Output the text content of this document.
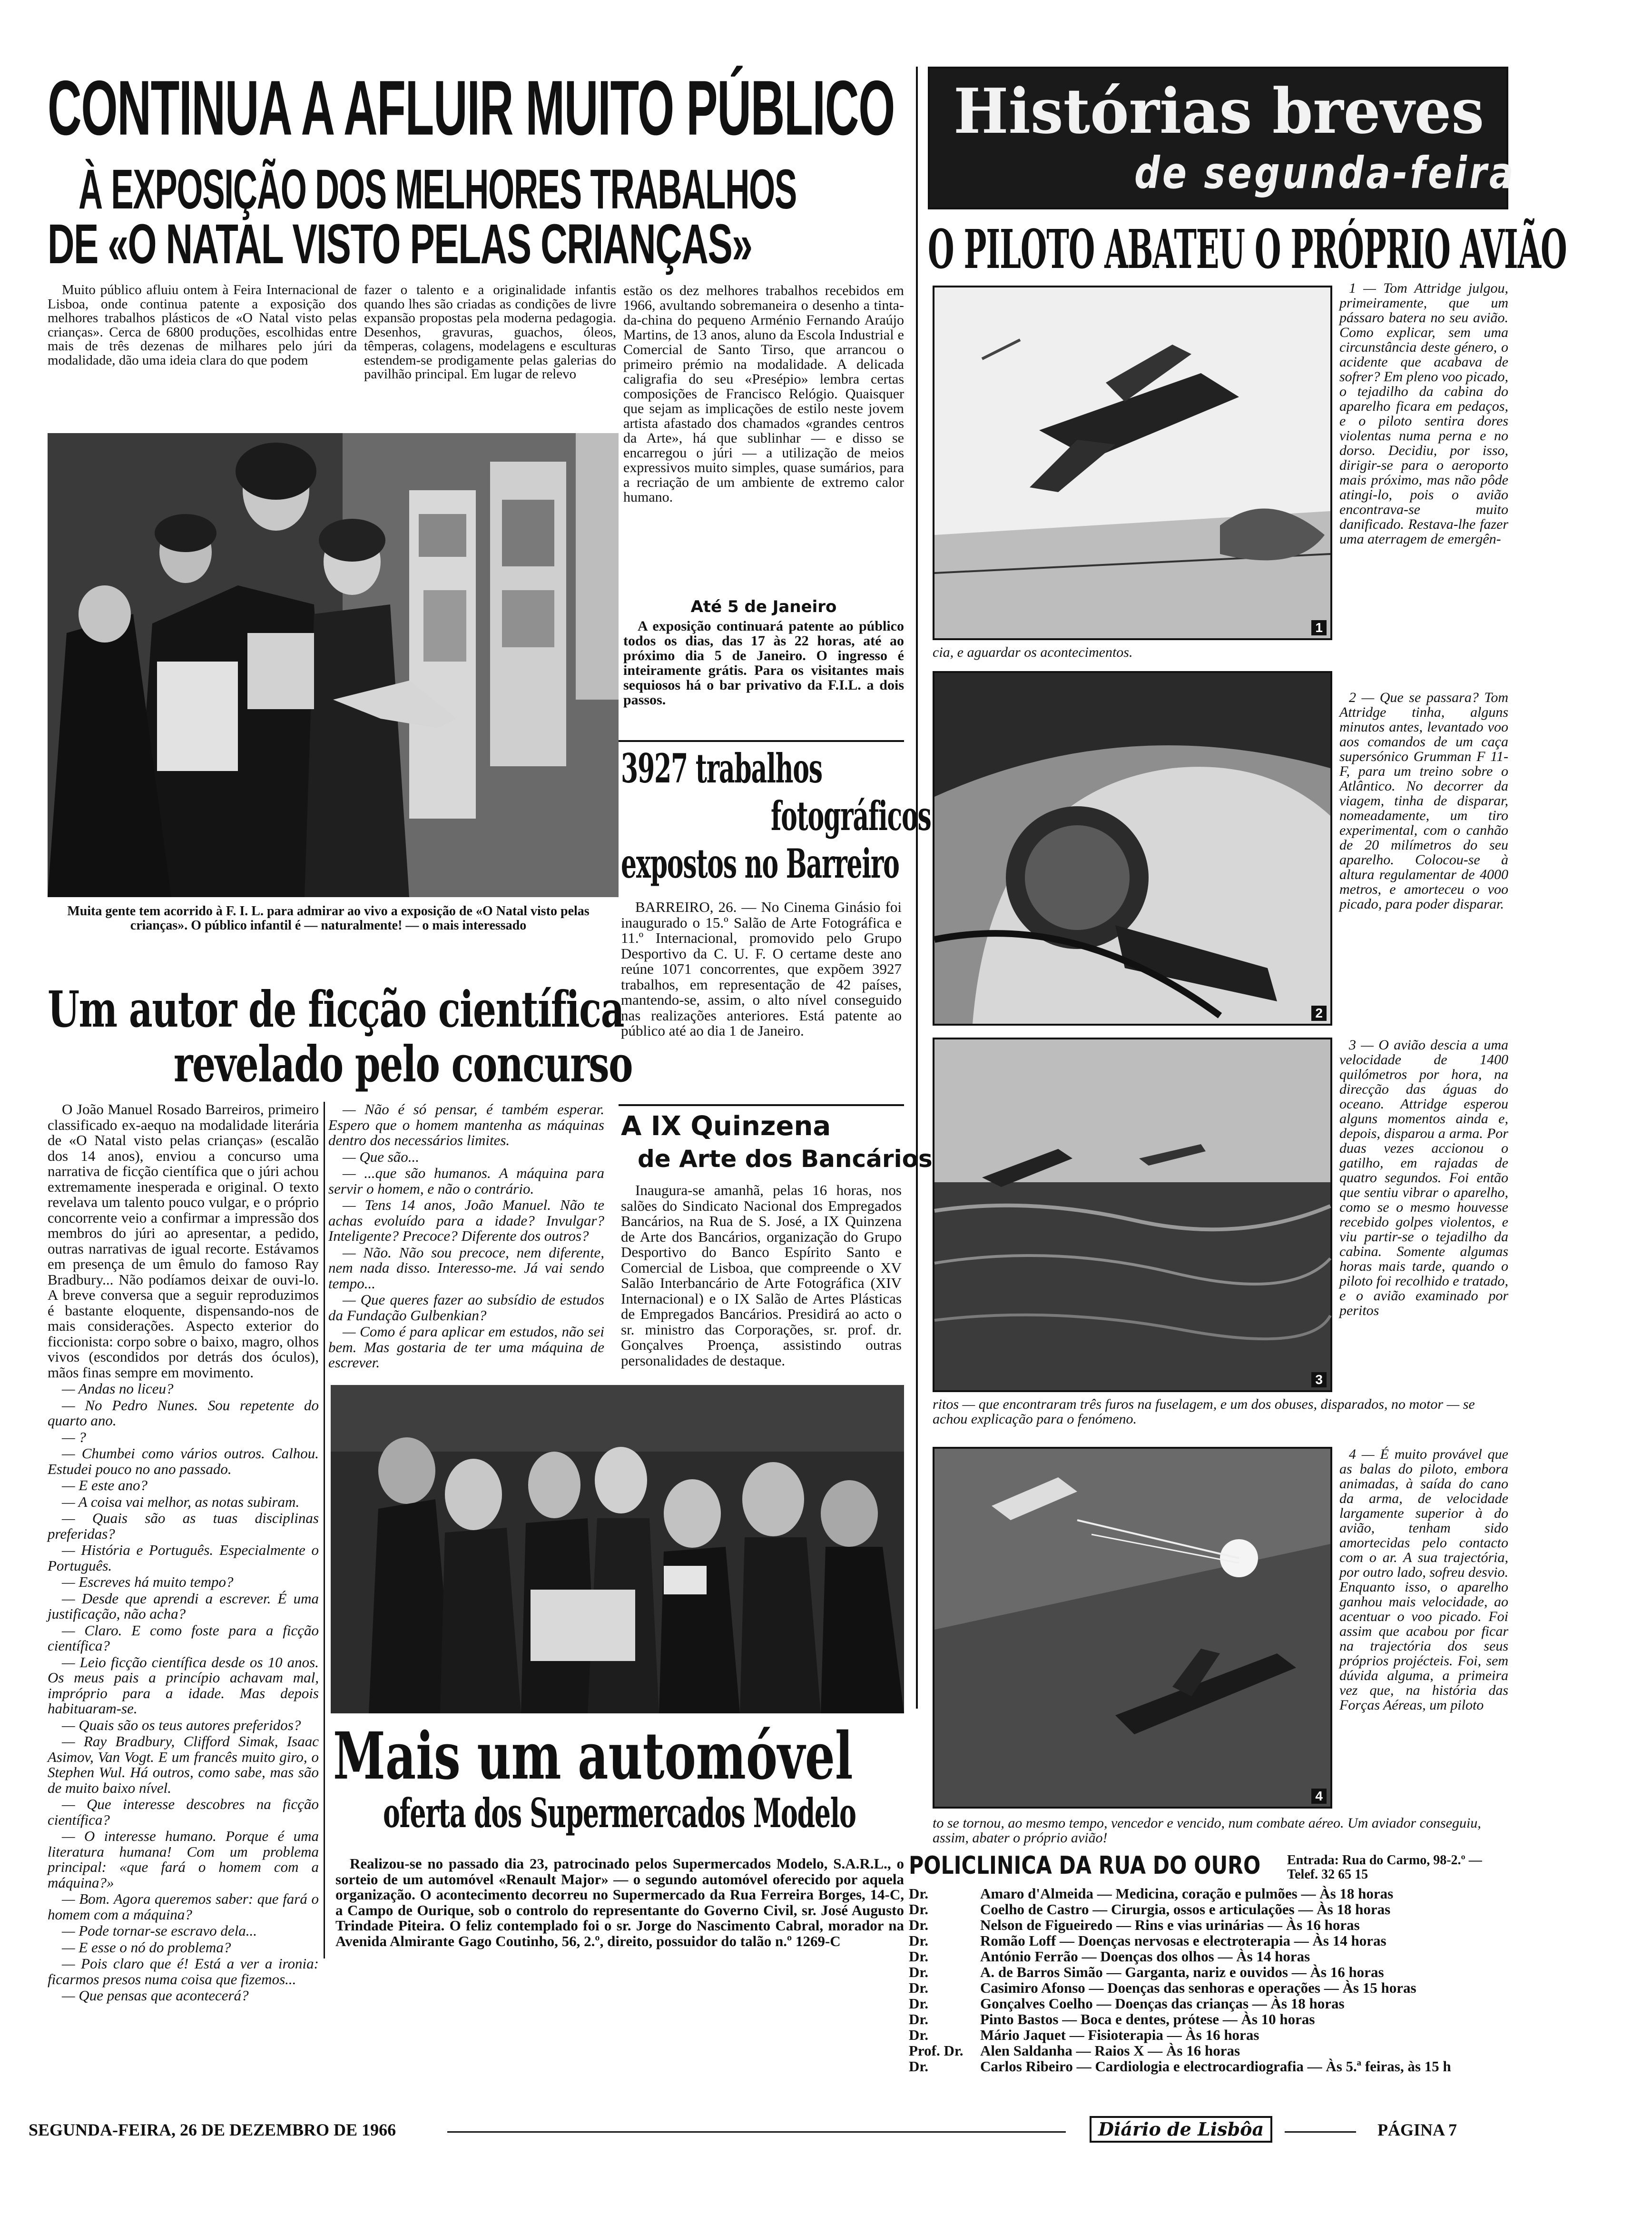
CONTINUA A AFLUIR MUITO PÚBLICO
À EXPOSIÇÃO DOS MELHORES TRABALHOS
DE «O NATAL VISTO PELAS CRIANÇAS»

Muito público afluiu ontem à Feira Internacional de Lisboa, onde continua patente a exposição dos melhores trabalhos plásticos de «O Natal visto pelas crianças». Cerca de 6800 produções, escolhidas entre mais de três dezenas de milhares pelo júri da modalidade, dão uma ideia clara do que podem

fazer o talento e a originalidade infantis quando lhes são criadas as condições de livre expansão propostas pela moderna pedagogia. Desenhos, gravuras, guachos, óleos, têmperas, colagens, modelagens e esculturas estendem-se prodigamente pelas galerias do pavilhão principal. Em lugar de relevo

estão os dez melhores trabalhos recebidos em 1966, avultando sobremaneira o desenho a tinta-da-china do pequeno Arménio Fernando Araújo Martins, de 13 anos, aluno da Escola Industrial e Comercial de Santo Tirso, que arrancou o primeiro prémio na modalidade. A delicada caligrafia do seu «Presépio» lembra certas composições de Francisco Relógio. Quaisquer que sejam as implicações de estilo neste jovem artista afastado dos chamados «grandes centros da Arte», há que sublinhar — e disso se encarregou o júri — a utilização de meios expressivos muito simples, quase sumários, para a recriação de um ambiente de extremo calor humano.

Até 5 de Janeiro

A exposição continuará patente ao público todos os dias, das 17 às 22 horas, até ao próximo dia 5 de Janeiro. O ingresso é inteiramente grátis. Para os visitantes mais sequiosos há o bar privativo da F.I.L. a dois passos.

Muita gente tem acorrido à F. I. L. para admirar ao vivo a exposição de «O Natal visto pelas crianças». O público infantil é — naturalmente! — o mais interessado
Um autor de ficção científica
revelado pelo concurso

O João Manuel Rosado Barreiros, primeiro classificado ex-aequo na modalidade literária de «O Natal visto pelas crianças» (escalão dos 14 anos), enviou a concurso uma narrativa de ficção científica que o júri achou extremamente inesperada e original. O texto revelava um talento pouco vulgar, e o próprio concorrente veio a confirmar a impressão dos membros do júri ao apresentar, a pedido, outras narrativas de igual recorte. Estávamos em presença de um êmulo do famoso Ray Bradbury... Não podíamos deixar de ouvi-lo. A breve conversa que a seguir reproduzimos é bastante eloquente, dispensando-nos de mais considerações. Aspecto exterior do ficcionista: corpo sobre o baixo, magro, olhos vivos (escondidos por detrás dos óculos), mãos finas sempre em movimento.

— Andas no liceu?

— No Pedro Nunes. Sou repetente do quarto ano.

— ?

— Chumbei como vários outros. Calhou. Estudei pouco no ano passado.

— E este ano?

— A coisa vai melhor, as notas subiram.

— Quais são as tuas disciplinas preferidas?

— História e Português. Especialmente o Português.

— Escreves há muito tempo?

— Desde que aprendi a escrever. É uma justificação, não acha?

— Claro. E como foste para a ficção científica?

— Leio ficção científica desde os 10 anos. Os meus pais a princípio achavam mal, impróprio para a idade. Mas depois habituaram-se.

— Quais são os teus autores preferidos?

— Ray Bradbury, Clifford Simak, Isaac Asimov, Van Vogt. E um francês muito giro, o Stephen Wul. Há outros, como sabe, mas são de muito baixo nível.

— Que interesse descobres na ficção científica?

— O interesse humano. Porque é uma literatura humana! Com um problema principal: «que fará o homem com a máquina?»

— Bom. Agora queremos saber: que fará o homem com a máquina?

— Pode tornar-se escravo dela...

— E esse o nó do problema?

— Pois claro que é! Está a ver a ironia: ficarmos presos numa coisa que fizemos...

— Que pensas que acontecerá?

— Não é só pensar, é também esperar. Espero que o homem mantenha as máquinas dentro dos necessários limites.

— Que são...

— ...que são humanos. A máquina para servir o homem, e não o contrário.

— Tens 14 anos, João Manuel. Não te achas evoluído para a idade? Invulgar? Inteligente? Precoce? Diferente dos outros?

— Não. Não sou precoce, nem diferente, nem nada disso. Interesso-me. Já vai sendo tempo...

— Que queres fazer ao subsídio de estudos da Fundação Gulbenkian?

— Como é para aplicar em estudos, não sei bem. Mas gostaria de ter uma máquina de escrever.

3927 trabalhos
fotográficos
expostos no Barreiro

BARREIRO, 26. — No Cinema Ginásio foi inaugurado o 15.º Salão de Arte Fotográfica e 11.º Internacional, promovido pelo Grupo Desportivo da C. U. F. O certame deste ano reúne 1071 concorrentes, que expõem 3927 trabalhos, em representação de 42 países, mantendo-se, assim, o alto nível conseguido nas realizações anteriores. Está patente ao público até ao dia 1 de Janeiro.

A IX Quinzena
de Arte dos Bancários

Inaugura-se amanhã, pelas 16 horas, nos salões do Sindicato Nacional dos Empregados Bancários, na Rua de S. José, a IX Quinzena de Arte dos Bancários, organização do Grupo Desportivo do Banco Espírito Santo e Comercial de Lisboa, que compreende o XV Salão Interbancário de Arte Fotográfica (XIV Internacional) e o IX Salão de Artes Plásticas de Empregados Bancários. Presidirá ao acto o sr. ministro das Corporações, sr. prof. dr. Gonçalves Proença, assistindo outras personalidades de destaque.

Mais um automóvel
oferta dos Supermercados Modelo

Realizou-se no passado dia 23, patrocinado pelos Supermercados Modelo, S.A.R.L., o sorteio de um automóvel «Renault Major» — o segundo automóvel oferecido por aquela organização. O acontecimento decorreu no Supermercado da Rua Ferreira Borges, 14-C, a Campo de Ourique, sob o controlo do representante do Governo Civil, sr. José Augusto Trindade Piteira. O feliz contemplado foi o sr. Jorge do Nascimento Cabral, morador na Avenida Almirante Gago Coutinho, 56, 2.º, direito, possuidor do talão n.º 1269-C

Histórias breves
de segunda-feira
O PILOTO ABATEU O PRÓPRIO AVIÃO
1

1 — Tom Attridge julgou, primeiramente, que um pássaro batera no seu avião. Como explicar, sem uma circunstância deste género, o acidente que acabava de sofrer? Em pleno voo picado, o tejadilho da cabina do aparelho ficara em pedaços, e o piloto sentira dores violentas numa perna e no dorso. Decidiu, por isso, dirigir-se para o aeroporto mais próximo, mas não pôde atingi-lo, pois o avião encontrava-se muito danificado. Restava-lhe fazer uma aterragem de emergên-

cia, e aguardar os acontecimentos.
2

2 — Que se passara? Tom Attridge tinha, alguns minutos antes, levantado voo aos comandos de um caça supersónico Grumman F 11-F, para um treino sobre o Atlântico. No decorrer da viagem, tinha de disparar, nomeadamente, um tiro experimental, com o canhão de 20 milímetros do seu aparelho. Colocou-se à altura regulamentar de 4000 metros, e amorteceu o voo picado, para poder disparar.

3

3 — O avião descia a uma velocidade de 1400 quilómetros por hora, na direcção das águas do oceano. Attridge esperou alguns momentos ainda e, depois, disparou a arma. Por duas vezes accionou o gatilho, em rajadas de quatro segundos. Foi então que sentiu vibrar o aparelho, como se o mesmo houvesse recebido golpes violentos, e viu partir-se o tejadilho da cabina. Somente algumas horas mais tarde, quando o piloto foi recolhido e tratado, e o avião examinado por peritos

ritos — que encontraram três furos na fuselagem, e um dos obuses, disparados, no motor — se achou explicação para o fenómeno.
4

4 — É muito provável que as balas do piloto, embora animadas, à saída do cano da arma, de velocidade largamente superior à do avião, tenham sido amortecidas pelo contacto com o ar. A sua trajectória, por outro lado, sofreu desvio. Enquanto isso, o aparelho ganhou mais velocidade, ao acentuar o voo picado. Foi assim que acabou por ficar na trajectória dos seus próprios projécteis. Foi, sem dúvida alguma, a primeira vez que, na história das Forças Aéreas, um piloto

to se tornou, ao mesmo tempo, vencedor e vencido, num combate aéreo. Um aviador conseguiu, assim, abater o próprio avião!
POLICLINICA DA RUA DO OURO Entrada: Rua do Carmo, 98-2.º — Telef. 32 65 15
Dr.	Amaro d'Almeida — Medicina, coração e pulmões — Às 18 horas
Dr.	Coelho de Castro — Cirurgia, ossos e articulações — Às 18 horas
Dr.	Nelson de Figueiredo — Rins e vias urinárias — Às 16 horas
Dr.	Romão Loff — Doenças nervosas e electroterapia — Às 14 horas
Dr.	António Ferrão — Doenças dos olhos — Às 14 horas
Dr.	A. de Barros Simão — Garganta, nariz e ouvidos — Às 16 horas
Dr.	Casimiro Afonso — Doenças das senhoras e operações — Às 15 horas
Dr.	Gonçalves Coelho — Doenças das crianças — Às 18 horas
Dr.	Pinto Bastos — Boca e dentes, prótese — Às 10 horas
Dr.	Mário Jaquet — Fisioterapia — Às 16 horas
Prof. Dr. Alen Saldanha — Raios X — Às 16 horas
Dr.	Carlos Ribeiro — Cardiologia e electrocardiografia — Às 5.ª feiras, às 15 h
SEGUNDA-FEIRA, 26 DE DEZEMBRO DE 1966	Diário de Lisbôa	PÁGINA 7
